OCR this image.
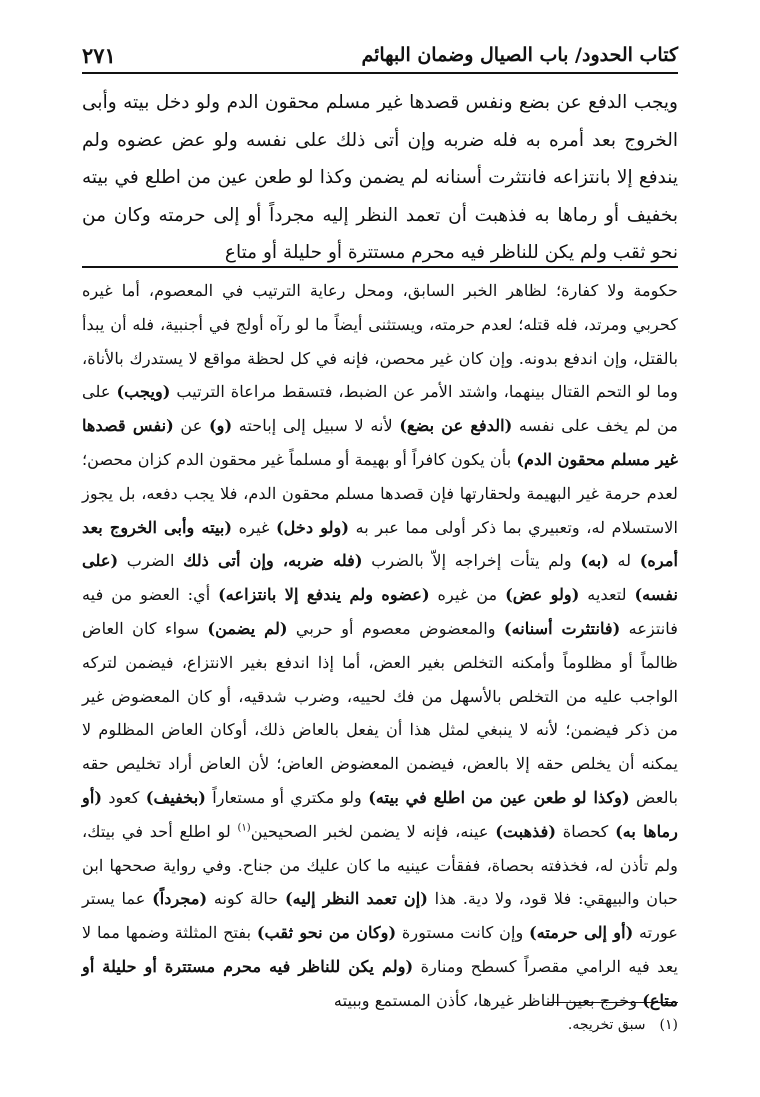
كتاب الحدود/ باب الصيال وضمان البهائم
٢٧١

ويجب الدفع عن بضع ونفس قصدها غير مسلم محقون الدم ولو دخل بيته وأبى الخروج بعد أمره به فله ضربه وإن أتى ذلك على نفسه ولو عض عضوه ولم يندفع إلا بانتزاعه فانتثرت أسنانه لم يضمن وكذا لو طعن عين من اطلع في بيته بخفيف أو رماها به فذهبت أن تعمد النظر إليه مجرداً أو إلى حرمته وكان من نحو ثقب ولم يكن للناظر فيه محرم مستترة أو حليلة أو متاع

حكومة ولا كفارة؛ لظاهر الخبر السابق، ومحل رعاية الترتيب في المعصوم، أما غيره كحربي ومرتد، فله قتله؛ لعدم حرمته، ويستثنى أيضاً ما لو رآه أولج في أجنبية، فله أن يبدأ بالقتل، وإن اندفع بدونه. وإن كان غير محصن، فإنه في كل لحظة مواقع لا يستدرك بالأناة، وما لو التحم القتال بينهما، واشتد الأمر عن الضبط، فتسقط مراعاة الترتيب (ويجب) على من لم يخف على نفسه (الدفع عن بضع) لأنه لا سبيل إلى إباحته (و) عن (نفس قصدها غير مسلم محقون الدم) بأن يكون كافراً أو بهيمة أو مسلماً غير محقون الدم كزان محصن؛ لعدم حرمة غير البهيمة ولحقارتها فإن قصدها مسلم محقون الدم، فلا يجب دفعه، بل يجوز الاستسلام له، وتعبيري بما ذكر أولى مما عبر به (ولو دخل) غيره (بيته وأبى الخروج بعد أمره) له (به) ولم يتأت إخراجه إلاّ بالضرب (فله ضربه، وإن أتى ذلك الضرب (على نفسه) لتعديه (ولو عض) من غيره (عضوه ولم يندفع إلا بانتزاعه) أي: العضو من فيه فانتزعه (فانتثرت أسنانه) والمعضوض معصوم أو حربي (لم يضمن) سواء كان العاض ظالماً أو مظلوماً وأمكنه التخلص بغير العض، أما إذا اندفع بغير الانتزاع، فيضمن لتركه الواجب عليه من التخلص بالأسهل من فك لحييه، وضرب شدقيه، أو كان المعضوض غير من ذكر فيضمن؛ لأنه لا ينبغي لمثل هذا أن يفعل بالعاض ذلك، أوكان العاض المظلوم لا يمكنه أن يخلص حقه إلا بالعض، فيضمن المعضوض العاض؛ لأن العاض أراد تخليص حقه بالعض (وكذا لو طعن عين من اطلع في بيته) ولو مكتري أو مستعاراً (بخفيف) كعود (أو رماها به) كحصاة (فذهبت) عينه، فإنه لا يضمن لخبر الصحيحين$^{(١)}$ لو اطلع أحد في بيتك، ولم تأذن له، فخذفته بحصاة، ففقأت عينيه ما كان عليك من جناح. وفي رواية صححها ابن حبان والبيهقي: فلا قود، ولا دية. هذا (إن تعمد النظر إليه) حالة كونه (مجرداً) عما يستر عورته (أو إلى حرمته) وإن كانت مستورة (وكان من نحو ثقب) بفتح المثلثة وضمها مما لا يعد فيه الرامي مقصراً كسطح ومنارة (ولم يكن للناظر فيه محرم مستترة أو حليلة أو متاع) وخرج بعين الناظر غيرها، كأذن المستمع وببيته

(١)سبق تخريجه.
